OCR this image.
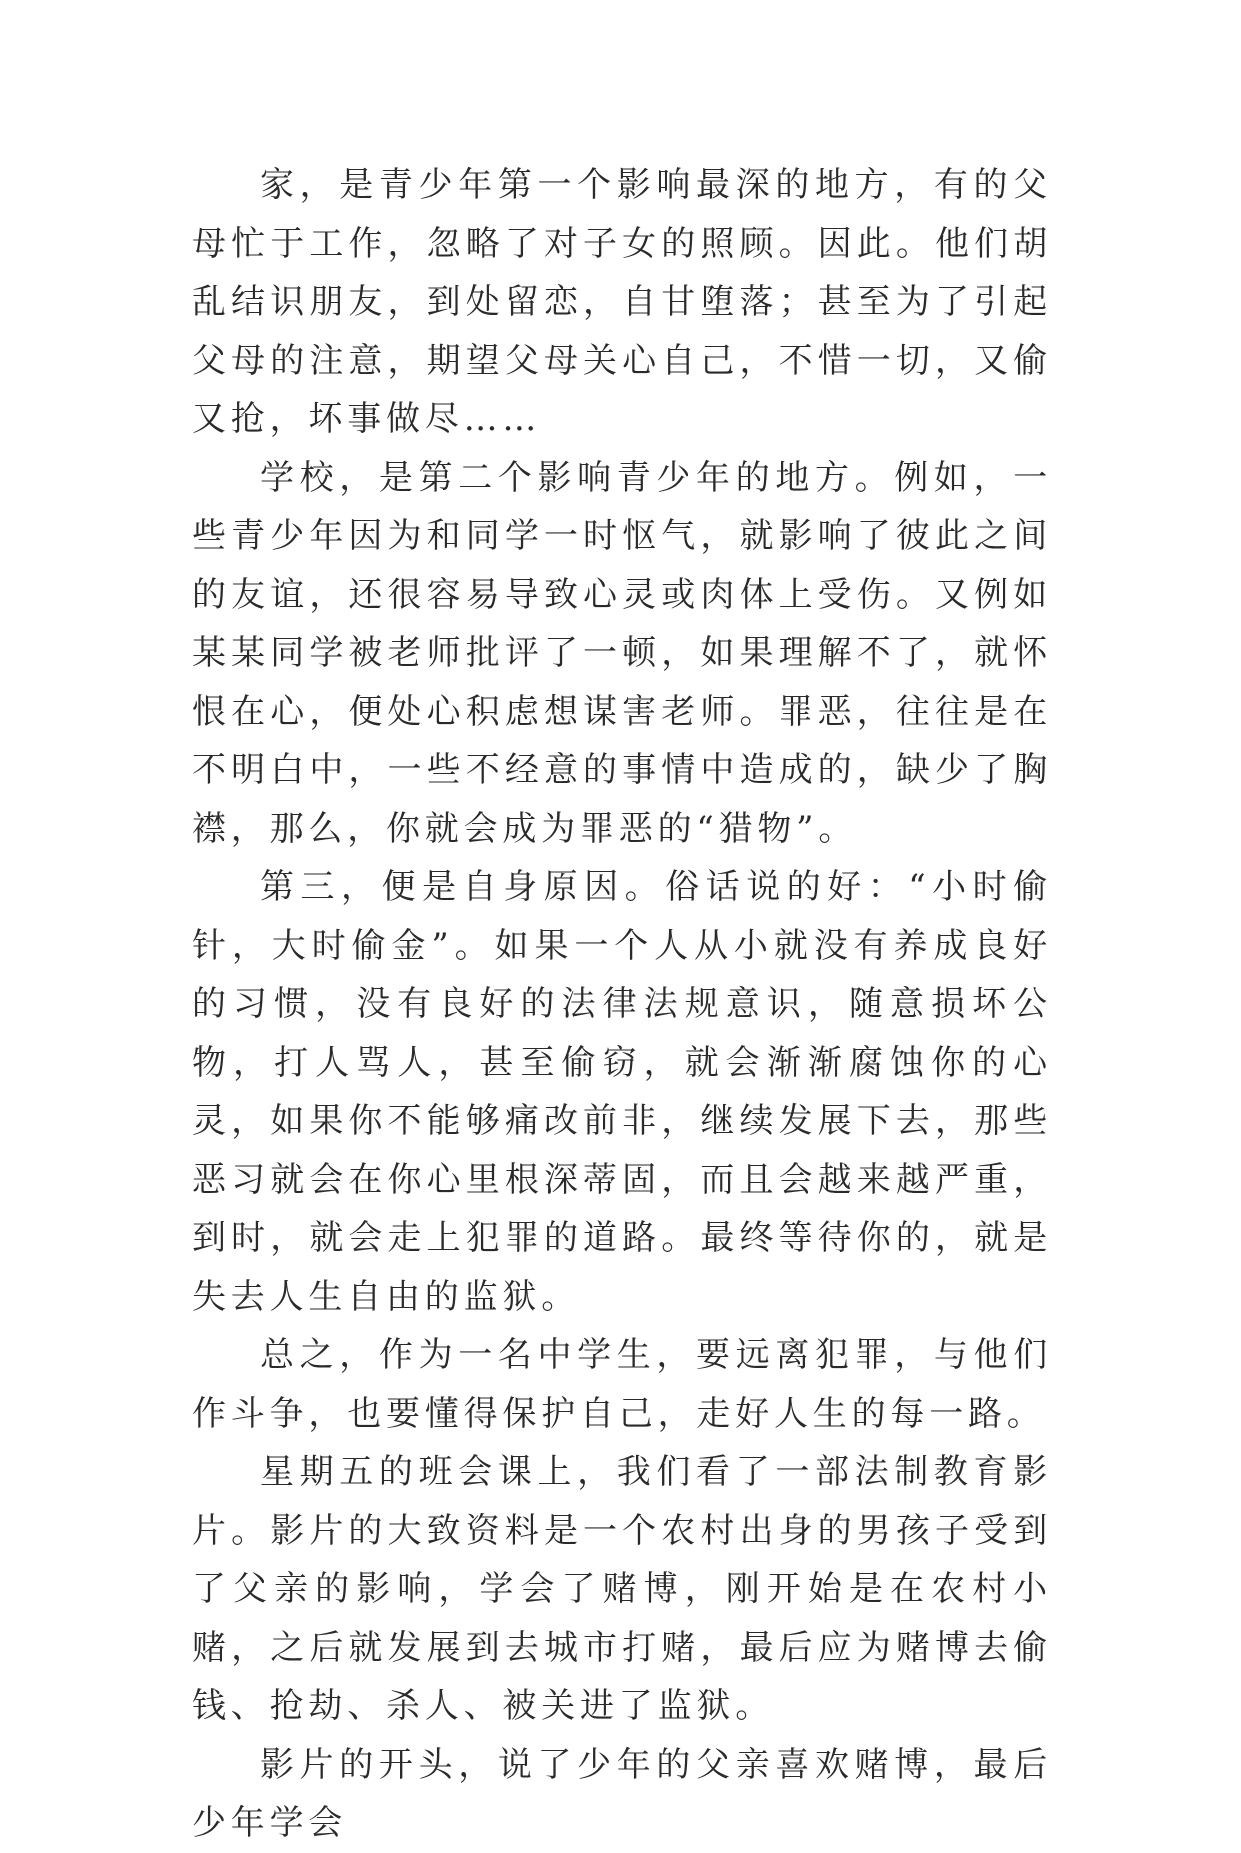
家，是青少年第一个影响最深的地方，有的父母忙于工作，忽略了对子女的照顾。因此。他们胡乱结识朋友，到处留恋，自甘堕落；甚至为了引起父母的注意，期望父母关心自己，不惜一切，又偷又抢，坏事做尽……

学校，是第二个影响青少年的地方。例如，一些青少年因为和同学一时怄气，就影响了彼此之间的友谊，还很容易导致心灵或肉体上受伤。又例如某某同学被老师批评了一顿，如果理解不了，就怀恨在心，便处心积虑想谋害老师。罪恶，往往是在不明白中，一些不经意的事情中造成的，缺少了胸襟，那么，你就会成为罪恶的“猎物”。

第三，便是自身原因。俗话说的好：“小时偷针，大时偷金”。如果一个人从小就没有养成良好的习惯，没有良好的法律法规意识，随意损坏公物，打人骂人，甚至偷窃，就会渐渐腐蚀你的心灵，如果你不能够痛改前非，继续发展下去，那些恶习就会在你心里根深蒂固，而且会越来越严重，到时，就会走上犯罪的道路。最终等待你的，就是失去人生自由的监狱。

总之，作为一名中学生，要远离犯罪，与他们作斗争，也要懂得保护自己，走好人生的每一路。

星期五的班会课上，我们看了一部法制教育影片。影片的大致资料是一个农村出身的男孩子受到了父亲的影响，学会了赌博，刚开始是在农村小赌，之后就发展到去城市打赌，最后应为赌博去偷钱、抢劫、杀人、被关进了监狱。

影片的开头，说了少年的父亲喜欢赌博，最后少年学会
